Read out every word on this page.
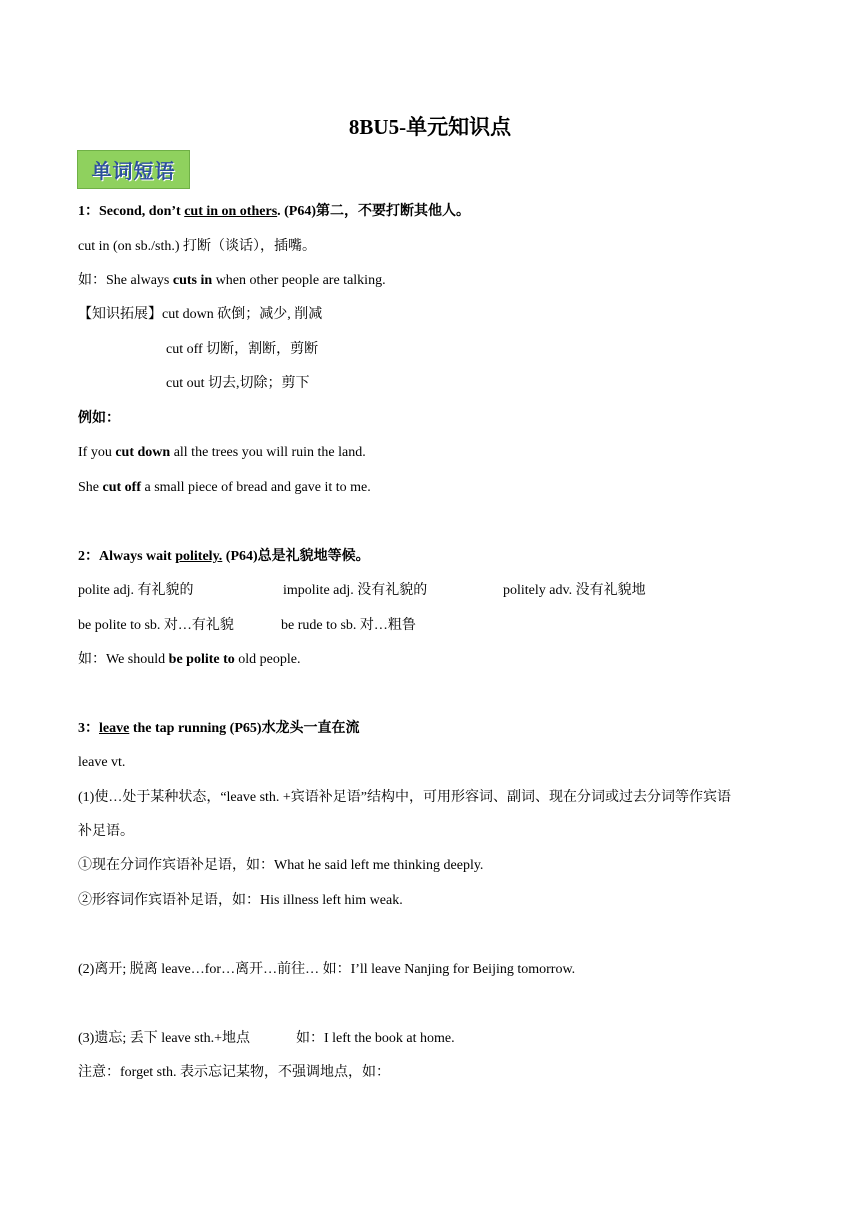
8BU5-单元知识点
单词短语
1：Second, don’t cut in on others. (P64)第二，不要打断其他人。
cut in (on sb./sth.) 打断（谈话），插嘴。
如：She always cuts in when other people are talking.
【知识拓展】cut down 砍倒；减少, 削减
cut off 切断，割断，剪断
cut out 切去,切除；剪下
例如：
If you cut down all the trees you will ruin the land.
She cut off a small piece of bread and gave it to me.
2：Always wait politely. (P64)总是礼貌地等候。
polite adj. 有礼貌的	impolite adj. 没有礼貌的	politely adv. 没有礼貌地
be polite to sb. 对…有礼貌	be rude to sb. 对…粗鲁
如：We should be polite to old people.
3：leave the tap running (P65)水龙头一直在流
leave vt.
(1)使…处于某种状态，“leave sth. +宾语补足语”结构中，可用形容词、副词、现在分词或过去分词等作宾语
补足语。
①现在分词作宾语补足语，如：What he said left me thinking deeply.
②形容词作宾语补足语，如：His illness left him weak.
(2)离开; 脱离 leave…for…离开…前往… 如：I’ll leave Nanjing for Beijing tomorrow.
(3)遗忘; 丢下 leave sth.+地点	如：I left the book at home.
注意：forget sth. 表示忘记某物，不强调地点，如：
